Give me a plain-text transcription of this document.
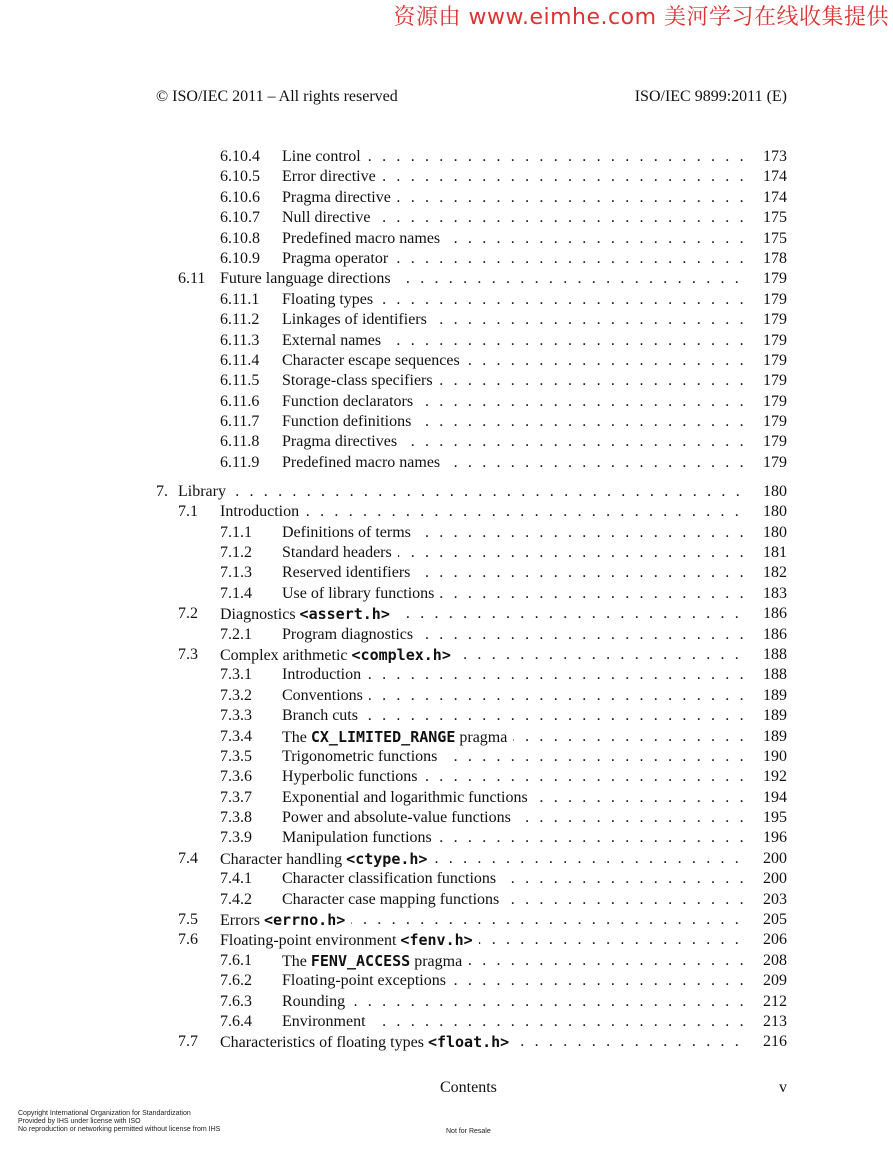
资源由 www.eimhe.com 美河学习在线收集提供
© ISO/IEC 2011 – All rights reserved	ISO/IEC 9899:2011 (E)
. . .
6.10.4 Line control	173
. . .
6.10.5 Error directive	174
. . .
6.10.6 Pragma directive	174
. . .
6.10.7 Null directive	175
. . .
6.10.8 Predefined macro names	175
. . .
6.10.9 Pragma operator	178
. . .
6.11 Future language directions	179
. . .
6.11.1 Floating types	179
. . .
6.11.2 Linkages of identifiers	179
. . .
6.11.3 External names	179
. . .
6.11.4 Character escape sequences	179
. . .
6.11.5 Storage-class specifiers	179
. . .
6.11.6 Function declarators	179
. . .
6.11.7 Function definitions	179
. . .
6.11.8 Pragma directives	179
. . .
6.11.9 Predefined macro names	179
. . .
7. Library	180
. . .
7.1 Introduction	180
. . .
7.1.1 Definitions of terms	180
. . .
7.1.2 Standard headers	181
. . .
7.1.3 Reserved identifiers	182
. . .
7.1.4 Use of library functions	183
. . .
7.2 Diagnostics <assert.h>	186
. . .
7.2.1 Program diagnostics	186
. . .
7.3 Complex arithmetic <complex.h>	188
. . .
7.3.1 Introduction	188
. . .
7.3.2 Conventions	189
. . .
7.3.3 Branch cuts	189
. . .
7.3.4 The CX_LIMITED_RANGE pragma	189
. . .
7.3.5 Trigonometric functions	190
. . .
7.3.6 Hyperbolic functions	192
. . .
7.3.7 Exponential and logarithmic functions	194
. . .
7.3.8 Power and absolute-value functions	195
. . .
7.3.9 Manipulation functions	196
. . .
7.4 Character handling <ctype.h>	200
. . .
7.4.1 Character classification functions	200
. . .
7.4.2 Character case mapping functions	203
. . .
7.5 Errors <errno.h>	205
. . .
7.6 Floating-point environment <fenv.h>	206
. . .
7.6.1 The FENV_ACCESS pragma	208
. . .
7.6.2 Floating-point exceptions	209
. . .
7.6.3 Rounding	212
. . .
7.6.4 Environment	213
. . .
7.7 Characteristics of floating types <float.h>	216
Contents	v
Copyright International Organization for Standardization
Provided by IHS under license with ISO
No reproduction or networking permitted without license from IHS	Not for Resale
